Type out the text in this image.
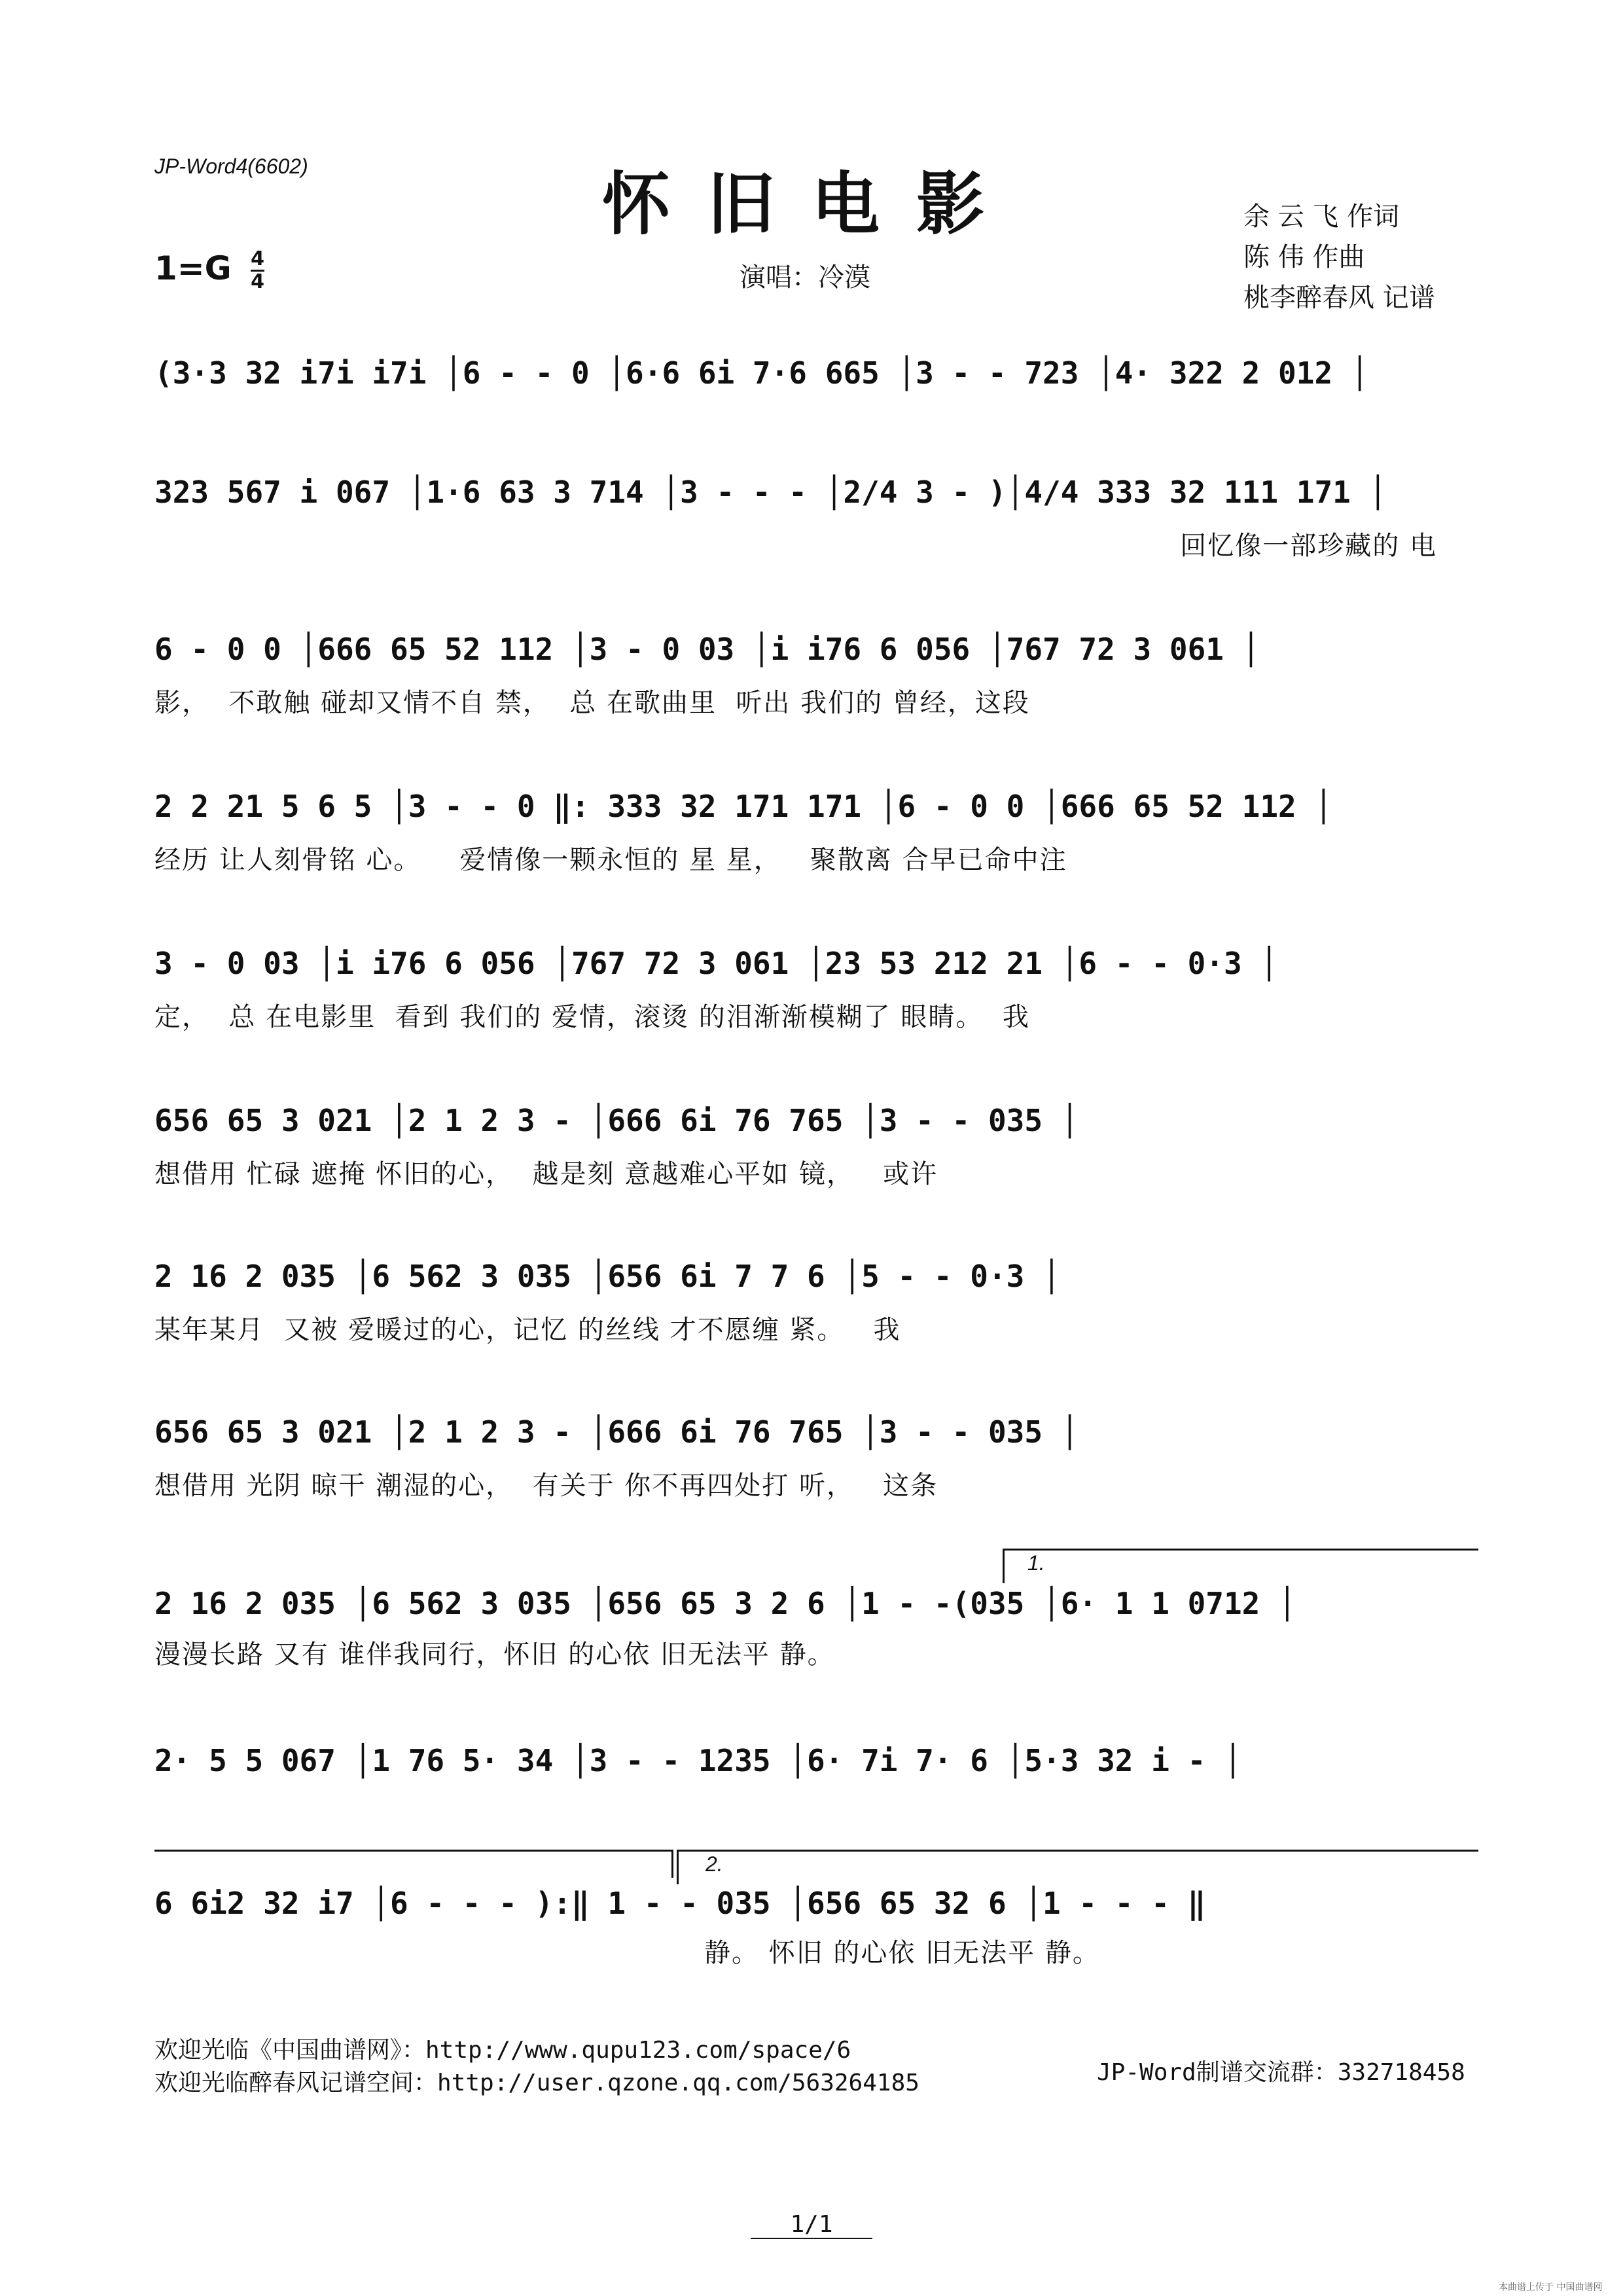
JP-Word4(6602)	怀旧电影
$1=G \frac{4}{4}$	演唱：冷漠
余 云 飞 作词
陈 伟 作曲
桃李醉春风 记谱
(3·3 32 i7i i7i │6 - - 0 │6·6 6i 7·6 665 │3 - - 723 │4· 322 2 012 │
323 567 i 067 │1·6 63 3 714 │3 - - - │2/4 3 - )│4/4 333 32 111 171 │
回忆像一部珍藏的 电
6 - 0 0 │666 65 52 112 │3 - 0 03 │i i76 6 056 │767 72 3 061 │
影，  不敢触 碰却又情不自 禁，  总 在歌曲里  听出 我们的 曾经，这段
2 2 21 5 6 5 │3 - - 0 ‖: 333 32 171 171 │6 - 0 0 │666 65 52 112 │
经历 让人刻骨铭 心。    爱情像一颗永恒的 星 星，   聚散离 合早已命中注
3 - 0 03 │i i76 6 056 │767 72 3 061 │23 53 212 21 │6 - - 0·3 │
定，  总 在电影里  看到 我们的 爱情，滚烫 的泪渐渐模糊了 眼睛。  我
656 65 3 021 │2 1 2 3 - │666 6i 76 765 │3 - - 035 │
想借用 忙碌 遮掩 怀旧的心，  越是刻 意越难心平如 镜，   或许
2 16 2 035 │6 562 3 035 │656 6i 7 7 6 │5 - - 0·3 │
某年某月  又被 爱暖过的心，记忆 的丝线 才不愿缠 紧。   我
656 65 3 021 │2 1 2 3 - │666 6i 76 765 │3 - - 035 │
想借用 光阴 晾干 潮湿的心，  有关于 你不再四处打 听，   这条
1.
2 16 2 035 │6 562 3 035 │656 65 3 2 6 │1 - -(035 │6· 1 1 0712 │
漫漫长路 又有 谁伴我同行，怀旧 的心依 旧无法平 静。
2· 5 5 067 │1 76 5· 34 │3 - - 1235 │6· 7i 7· 6 │5·3 32 i - │
2.
6 6i2 32 i7 │6 - - - ):‖ 1 - - 035 │656 65 32 6 │1 - - - ‖
静。 怀旧 的心依 旧无法平 静。
欢迎光临《中国曲谱网》：http://www.qupu123.com/space/6
欢迎光临醉春风记谱空间：http://user.qzone.qq.com/563264185	JP-Word制谱交流群：332718458
1/1
本曲谱上传于 中国曲谱网
